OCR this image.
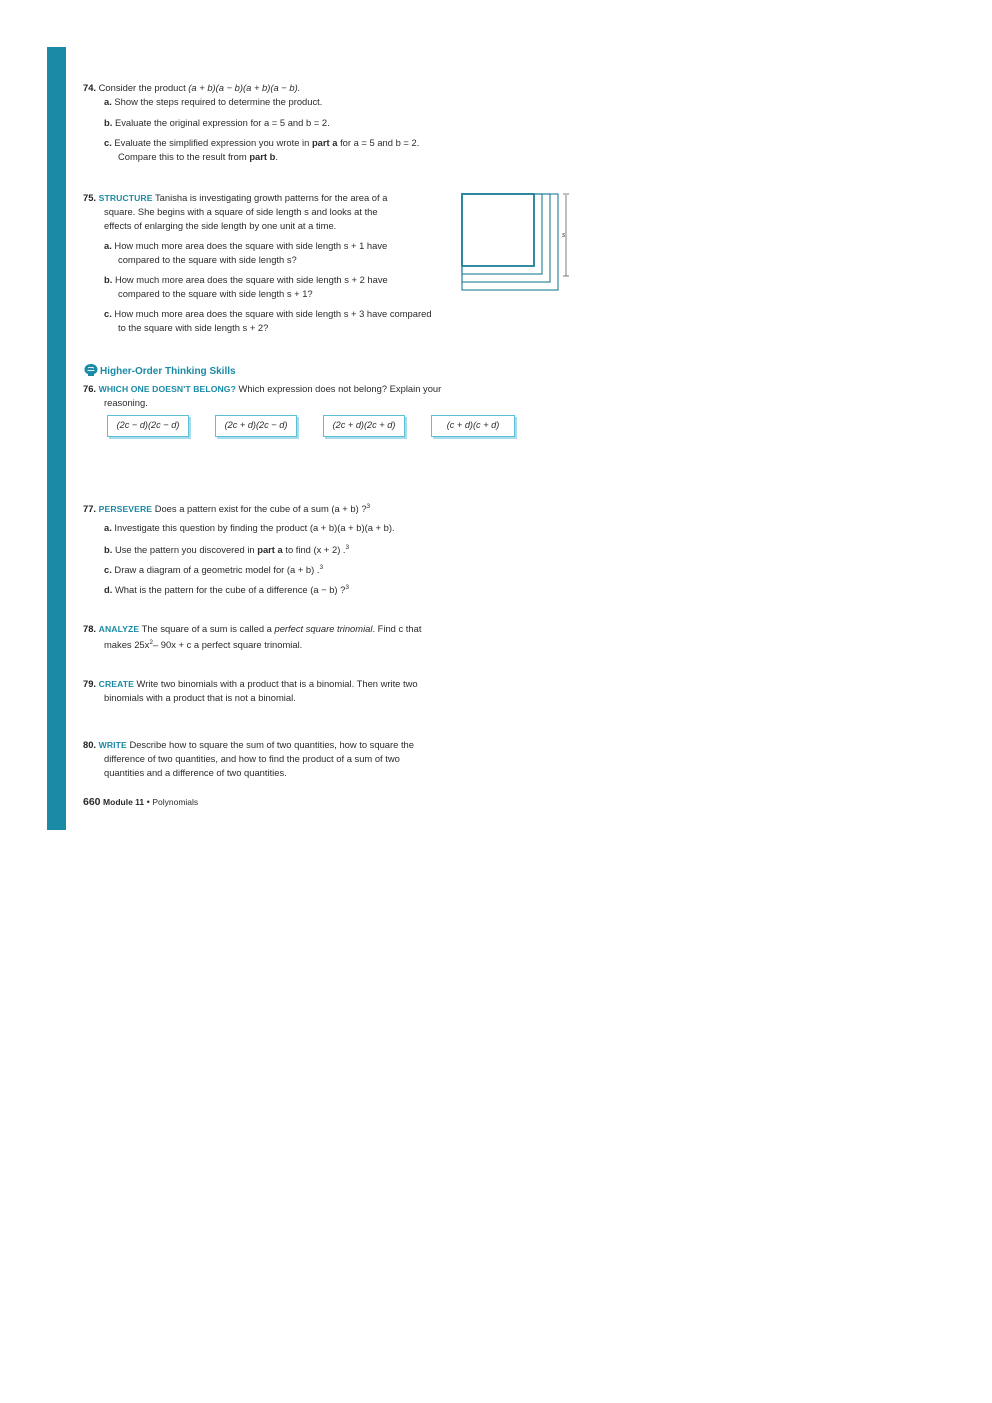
74. Consider the product (a + b)(a − b)(a + b)(a − b).
a. Show the steps required to determine the product.
b. Evaluate the original expression for a = 5 and b = 2.
c. Evaluate the simplified expression you wrote in part a for a = 5 and b = 2.
Compare this to the result from part b.
75. STRUCTURE Tanisha is investigating growth patterns for the area of a
square. She begins with a square of side length s and looks at the
effects of enlarging the side length by one unit at a time.
a. How much more area does the square with side length s + 1 have
compared to the square with side length s?
b. How much more area does the square with side length s + 2 have
compared to the square with side length s + 1?
c. How much more area does the square with side length s + 3 have compared
to the square with side length s + 2?
s
Higher-Order Thinking Skills
76. WHICH ONE DOESN'T BELONG? Which expression does not belong? Explain your
reasoning.
(2c − d)(2c − d)	(2c + d)(2c − d)	(2c + d)(2c + d)	(c + d)(c + d)
77. PERSEVERE Does a pattern exist for the cube of a sum (a + b) ?$^3$
a. Investigate this question by finding the product (a + b)(a + b)(a + b).
b. Use the pattern you discovered in part a to find (x + 2) .$^3$
c. Draw a diagram of a geometric model for (a + b) .$^3$
d. What is the pattern for the cube of a difference (a − b) ?$^3$
78. ANALYZE The square of a sum is called a perfect square trinomial. Find c that
makes $25x^2-$ 90x + c a perfect square trinomial.
79. CREATE Write two binomials with a product that is a binomial. Then write two
binomials with a product that is not a binomial.
80. WRITE Describe how to square the sum of two quantities, how to square the
difference of two quantities, and how to find the product of a sum of two
quantities and a difference of two quantities.
660 Module 11 • Polynomials
